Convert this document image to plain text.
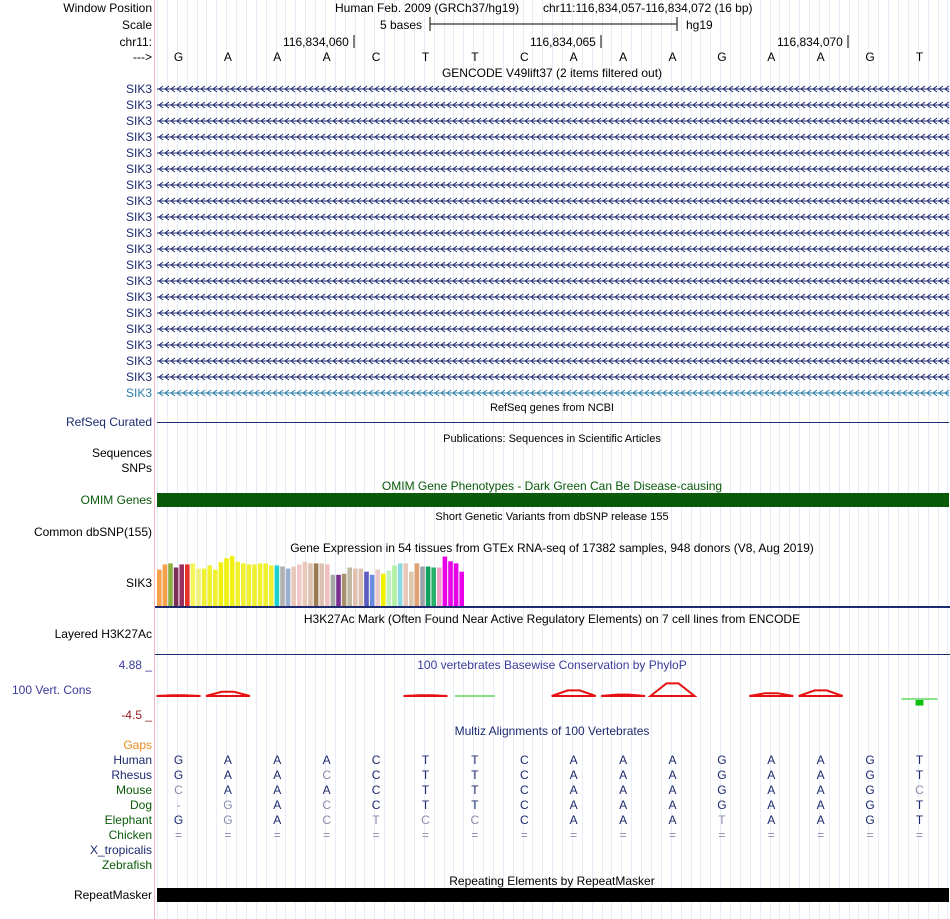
Window Position
Scale
chr11:
--->
Human Feb. 2009 (GRCh37/hg19) chr11:116,834,057-116,834,072 (16 bp)
5 bases	hg19
116,834,060	116,834,065	116,834,070
G	A	A	A	C	T	T	C	A	A	A	G	A	A	G	T
GENCODE V49lift37 (2 items filtered out)
SIK3
SIK3
SIK3
SIK3
SIK3
SIK3
SIK3
SIK3
SIK3
SIK3
SIK3
SIK3
SIK3
SIK3
SIK3
SIK3
SIK3
SIK3
SIK3
SIK3
RefSeq genes from NCBI
RefSeq Curated
Publications: Sequences in Scientific Articles
Sequences
SNPs
OMIM Gene Phenotypes - Dark Green Can Be Disease-causing
OMIM Genes
Short Genetic Variants from dbSNP release 155
Common dbSNP(155)
Gene Expression in 54 tissues from GTEx RNA-seq of 17382 samples, 948 donors (V8, Aug 2019)
SIK3
H3K27Ac Mark (Often Found Near Active Regulatory Elements) on 7 cell lines from ENCODE
Layered H3K27Ac
100 vertebrates Basewise Conservation by PhyloP
4.88 _
100 Vert. Cons
-4.5 _
Multiz Alignments of 100 Vertebrates
Gaps
Human	G	A	A	A	C	T	T	C	A	A	A	G	A	A	G	T
Rhesus	G	A	A	C	C	T	T	C	A	A	A	G	A	A	G	T
Mouse	C	A	A	A	C	T	T	C	A	A	A	G	A	A	G	C
Dog	-	G	A	C	C	T	T	C	A	A	A	G	A	A	G	T
Elephant	G	G	A	C	T	C	C	C	A	A	A	T	A	A	G	T
Chicken	=	=	=	=	=	=	=	=	=	=	=	=	=	=	=	=
X_tropicalis
Zebrafish
Repeating Elements by RepeatMasker
RepeatMasker
